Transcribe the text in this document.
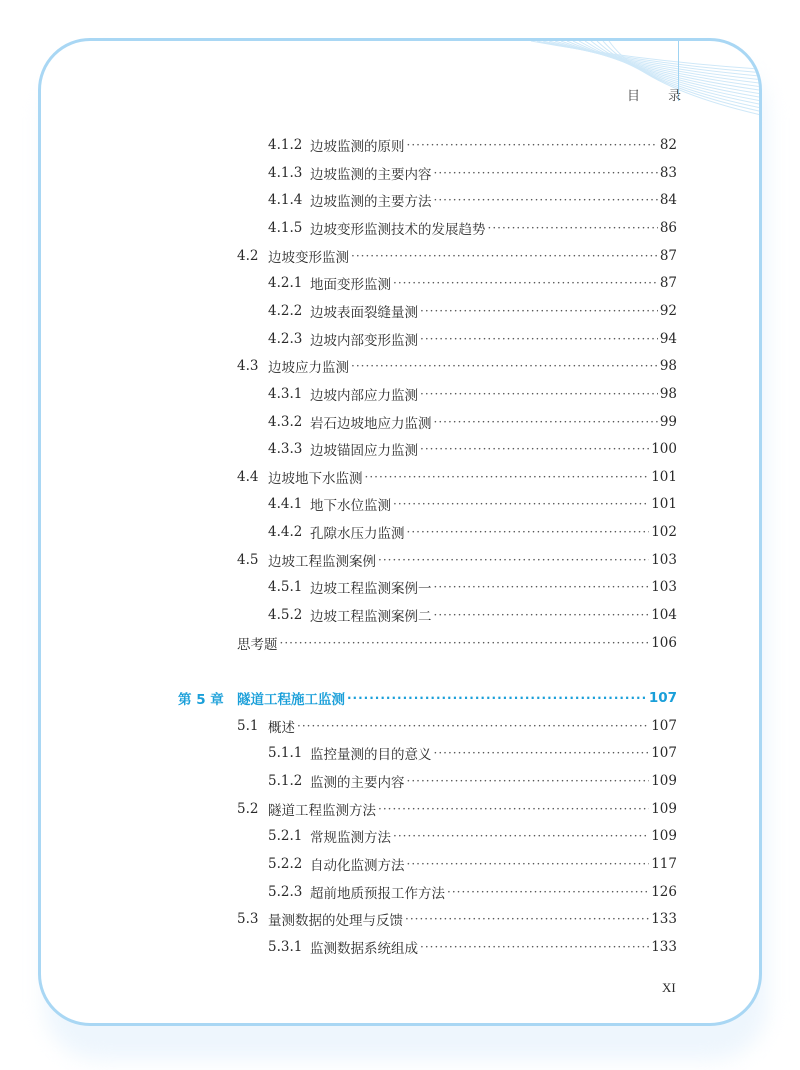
目 录
4.1.2 边坡监测的原则 ·····	82
4.1.3 边坡监测的主要内容 ·····	83
4.1.4 边坡监测的主要方法 ·····	84
4.1.5 边坡变形监测技术的发展趋势 ·····	86
4.2 边坡变形监测 ·····	87
4.2.1 地面变形监测 ·····	87
4.2.2 边坡表面裂缝量测 ·····	92
4.2.3 边坡内部变形监测 ·····	94
4.3 边坡应力监测 ·····	98
4.3.1 边坡内部应力监测 ·····	98
4.3.2 岩石边坡地应力监测 ·····	99
4.3.3 边坡锚固应力监测 ·····	100
4.4 边坡地下水监测 ·····	101
4.4.1 地下水位监测 ·····	101
4.4.2 孔隙水压力监测 ·····	102
4.5 边坡工程监测案例 ·····	103
4.5.1 边坡工程监测案例一 ·····	103
4.5.2 边坡工程监测案例二 ·····	104
思考题 ·····	106
第 5 章 隧道工程施工监测 ·····	107
5.1 概述 ·····	107
5.1.1 监控量测的目的意义 ·····	107
5.1.2 监测的主要内容 ·····	109
5.2 隧道工程监测方法 ·····	109
5.2.1 常规监测方法 ·····	109
5.2.2 自动化监测方法 ·····	117
5.2.3 超前地质预报工作方法 ·····	126
5.3 量测数据的处理与反馈 ·····	133
5.3.1 监测数据系统组成 ·····	133
XI
